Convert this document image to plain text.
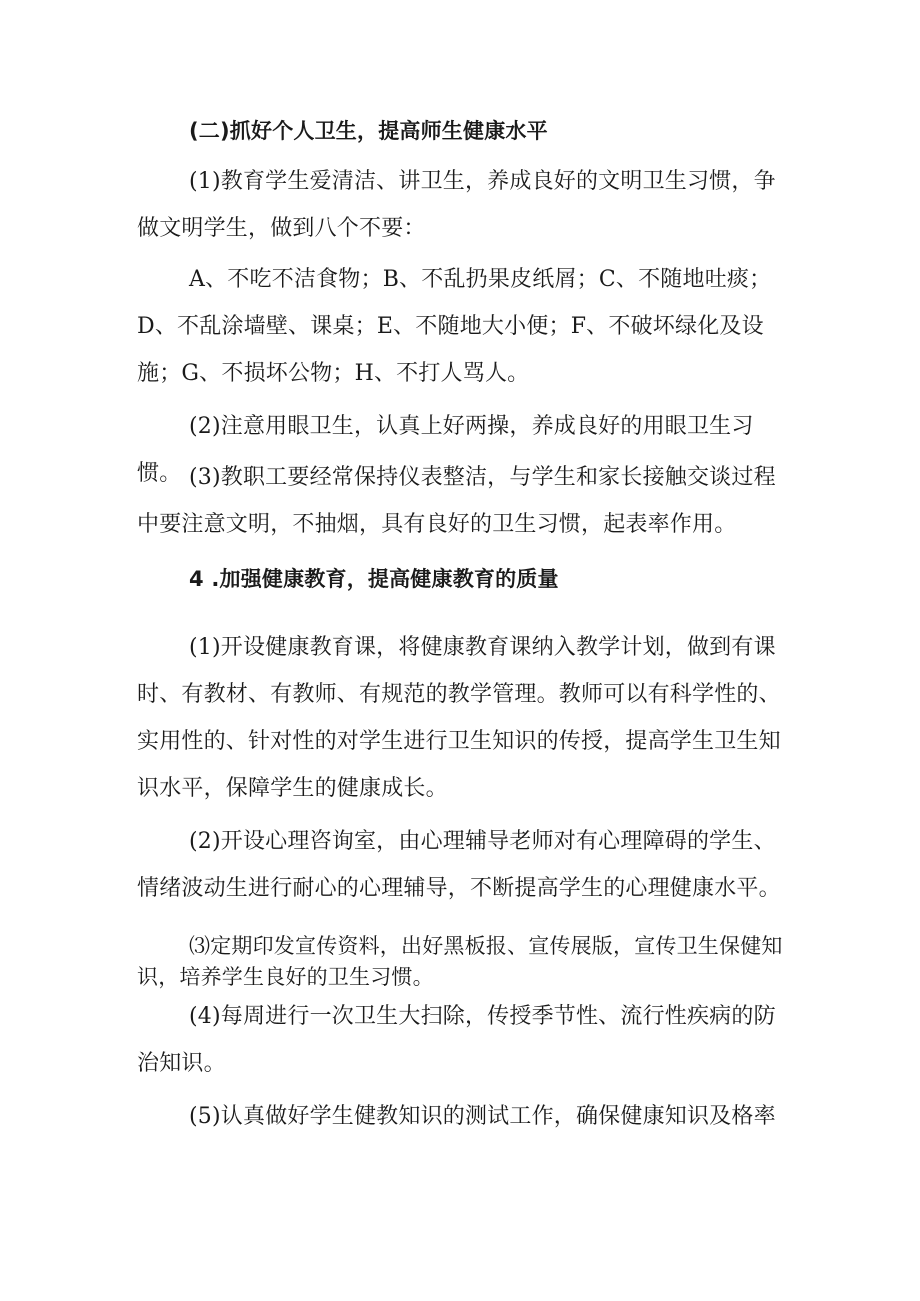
(二)抓好个人卫生，提高师生健康水平

(1)教育学生爱清洁、讲卫生，养成良好的文明卫生习惯，争做文明学生，做到八个不要：

A、不吃不洁食物；B、不乱扔果皮纸屑；C、不随地吐痰；D、不乱涂墙壁、课桌；E、不随地大小便；F、不破坏绿化及设施；G、不损坏公物；H、不打人骂人。

(2)注意用眼卫生，认真上好两操，养成良好的用眼卫生习惯。 (3)教职工要经常保持仪表整洁，与学生和家长接触交谈过程中要注意文明，不抽烟，具有良好的卫生习惯，起表率作用。

4 .加强健康教育，提高健康教育的质量

(1)开设健康教育课，将健康教育课纳入教学计划，做到有课时、有教材、有教师、有规范的教学管理。教师可以有科学性的、实用性的、针对性的对学生进行卫生知识的传授，提高学生卫生知识水平，保障学生的健康成长。

(2)开设心理咨询室，由心理辅导老师对有心理障碍的学生、情绪波动生进行耐心的心理辅导，不断提高学生的心理健康水平。

⑶定期印发宣传资料，出好黑板报、宣传展版，宣传卫生保健知识，培养学生良好的卫生习惯。

(4)每周进行一次卫生大扫除，传授季节性、流行性疾病的防治知识。

(5)认真做好学生健教知识的测试工作，确保健康知识及格率
